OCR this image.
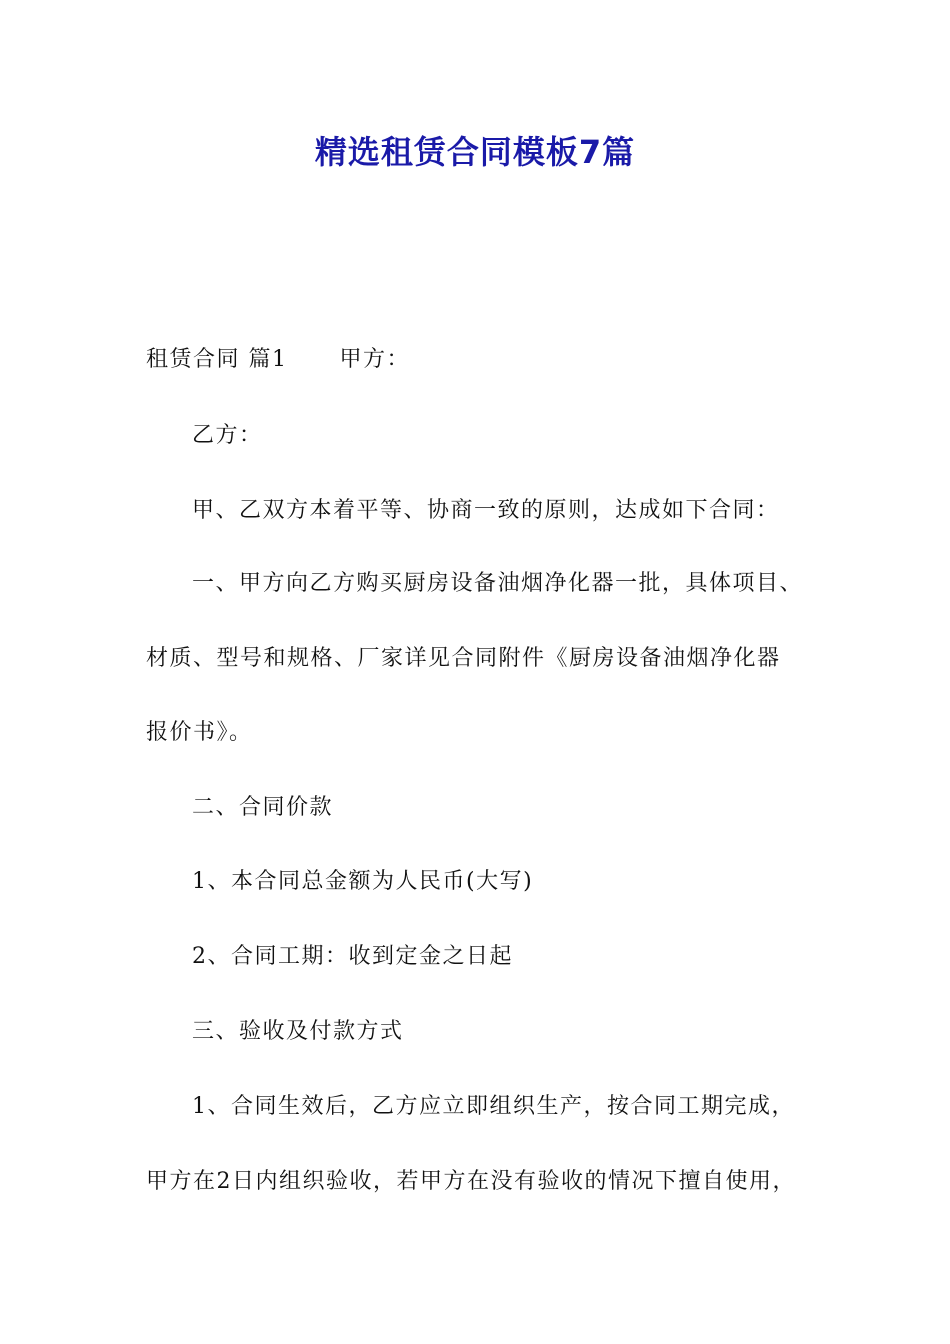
精选租赁合同模板7篇

租赁合同 篇1 甲方：

乙方：

甲、乙双方本着平等、协商一致的原则，达成如下合同：

一、甲方向乙方购买厨房设备油烟净化器一批，具体项目、

材质、型号和规格、厂家详见合同附件《厨房设备油烟净化器

报价书》。

二、合同价款

1、本合同总金额为人民币(大写)

2、合同工期：收到定金之日起

三、验收及付款方式

1、合同生效后，乙方应立即组织生产，按合同工期完成，

甲方在2日内组织验收，若甲方在没有验收的情况下擅自使用，
